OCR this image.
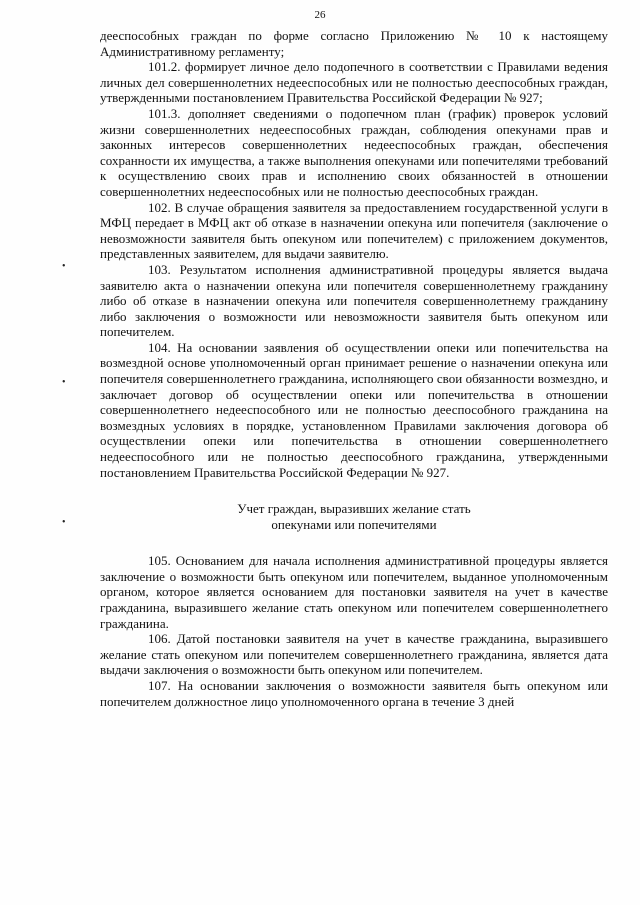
26
•
•
•

дееспособных граждан по форме согласно Приложению № 10 к настоящему Административному регламенту;

101.2. формирует личное дело подопечного в соответствии с Правилами ведения личных дел совершеннолетних недееспособных или не полностью дееспособных граждан, утвержденными постановлением Правительства Российской Федерации № 927;

101.3. дополняет сведениями о подопечном план (график) проверок условий жизни совершеннолетних недееспособных граждан, соблюдения опекунами прав и законных интересов совершеннолетних недееспособных граждан, обеспечения сохранности их имущества, а также выполнения опекунами или попечителями требований к осуществлению своих прав и исполнению своих обязанностей в отношении совершеннолетних недееспособных или не полностью дееспособных граждан.

102. В случае обращения заявителя за предоставлением государственной услуги в МФЦ передает в МФЦ акт об отказе в назначении опекуна или попечителя (заключение о невозможности заявителя быть опекуном или попечителем) с приложением документов, представленных заявителем, для выдачи заявителю.

103. Результатом исполнения административной процедуры является выдача заявителю акта о назначении опекуна или попечителя совершеннолетнему гражданину либо об отказе в назначении опекуна или попечителя совершеннолетнему гражданину либо заключения о возможности или невозможности заявителя быть опекуном или попечителем.

104. На основании заявления об осуществлении опеки или попечительства на возмездной основе уполномоченный орган принимает решение о назначении опекуна или попечителя совершеннолетнего гражданина, исполняющего свои обязанности возмездно, и заключает договор об осуществлении опеки или попечительства в отношении совершеннолетнего недееспособного или не полностью дееспособного гражданина на возмездных условиях в порядке, установленном Правилами заключения договора об осуществлении опеки или попечительства в отношении совершеннолетнего недееспособного или не полностью дееспособного гражданина, утвержденными постановлением Правительства Российской Федерации № 927.

Учет граждан, выразивших желание стать
опекунами или попечителями

105. Основанием для начала исполнения административной процедуры является заключение о возможности быть опекуном или попечителем, выданное уполномоченным органом, которое является основанием для постановки заявителя на учет в качестве гражданина, выразившего желание стать опекуном или попечителем совершеннолетнего гражданина.

106. Датой постановки заявителя на учет в качестве гражданина, выразившего желание стать опекуном или попечителем совершеннолетнего гражданина, является дата выдачи заключения о возможности быть опекуном или попечителем.

107. На основании заключения о возможности заявителя быть опекуном или попечителем должностное лицо уполномоченного органа в течение 3 дней
